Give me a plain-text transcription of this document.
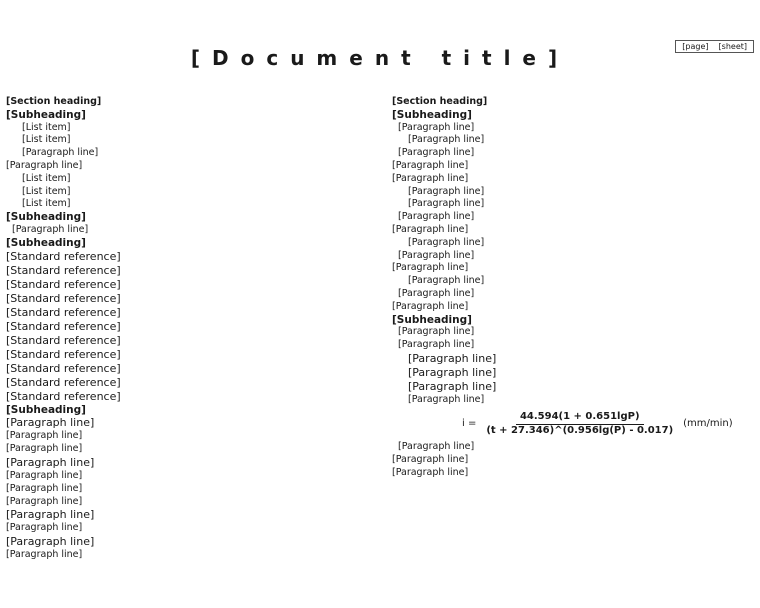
[page] [sheet]
[Document title]
[Section heading]
[Subheading]
[List item]
[List item]
[Paragraph line]
[Paragraph line]
[List item]
[List item]
[List item]
[Subheading]
[Paragraph line]
[Subheading]
[Standard reference]
[Standard reference]
[Standard reference]
[Standard reference]
[Standard reference]
[Standard reference]
[Standard reference]
[Standard reference]
[Standard reference]
[Standard reference]
[Standard reference]
[Subheading]
[Paragraph line]
[Paragraph line]
[Paragraph line]
[Paragraph line]
[Paragraph line]
[Paragraph line]
[Paragraph line]
[Paragraph line]
[Paragraph line]
[Paragraph line]
[Paragraph line]
[Section heading]
[Subheading]
[Paragraph line]
[Paragraph line]
[Paragraph line]
[Paragraph line]
[Paragraph line]
[Paragraph line]
[Paragraph line]
[Paragraph line]
[Paragraph line]
[Paragraph line]
[Paragraph line]
[Paragraph line]
[Paragraph line]
[Paragraph line]
[Paragraph line]
[Subheading]
[Paragraph line]
[Paragraph line]
[Paragraph line]
[Paragraph line]
[Paragraph line]
[Paragraph line]
$i = \frac{44.594(1 + 0.651\lg P)}{(t + 27.346)\^{}(0.956\lg(P) - 0.017)} (mm/\min)$
[Paragraph line]
[Paragraph line]
[Paragraph line]
